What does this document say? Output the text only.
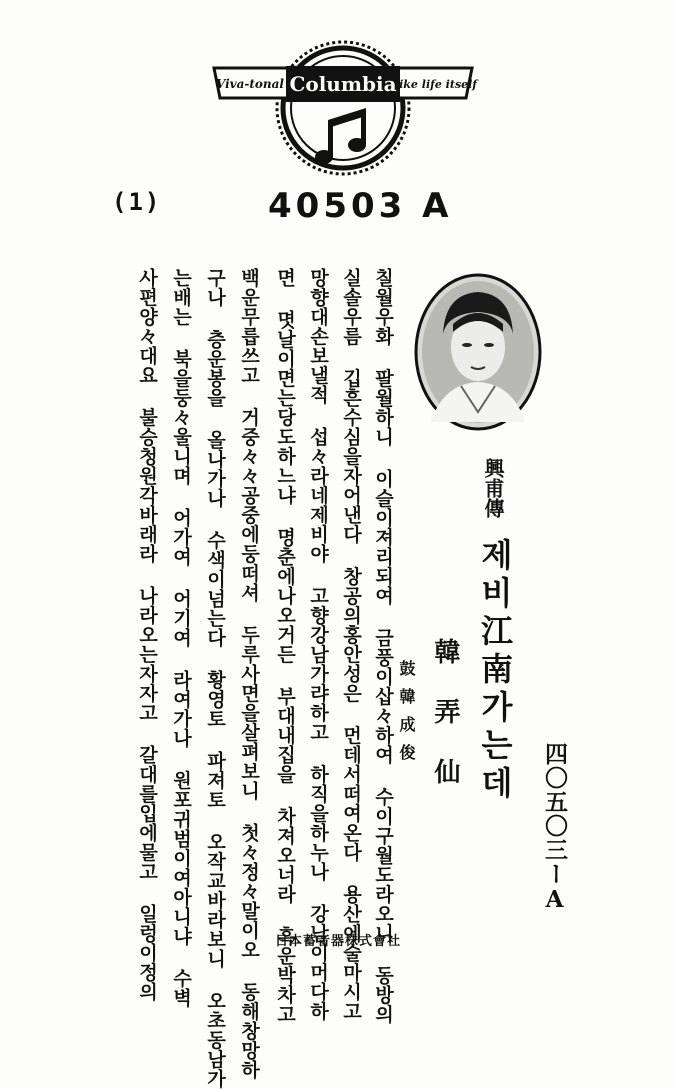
Viva-tonal Columbia
like life itself
(1)	40503 A
興甫傳
제비江南가는데
韓弄仙
鼓韓成俊
四〇五〇三ーA
칠월우화 팔월하니 이슬이져리되여 금풍이삽々하여 수이구월도라오니 동방의
실솔우름 깁흔수심을자어낸다 창공의홍안성은 먼데서떠여온다 용산에술마시고
망향대손보낼적 섭々라네제비야 고향강남가랴하고 하직을하누나 강남이머다하
면 몃날이면는당도하느냐 명춘에나오거든 부대내집을 차져오너라 흑운박차고
백운무릅쓰고 거중々々공중에둥떠셔 두루사면을살펴보니 첫々정々말이오 동해창망하
구나 층운봉을 올나가나 수색이넘는다 황영토 파져토 오작교바라보니 오초동남가
는배는 북을둥々울니며 어가여 어기여 라여가나 원포귀범이여아니냐 수벽
사편양々대요 불승청원각바래라 나라오는자자고 갈대를입에물고 일렁이정의	日本蓄音器株式會社
